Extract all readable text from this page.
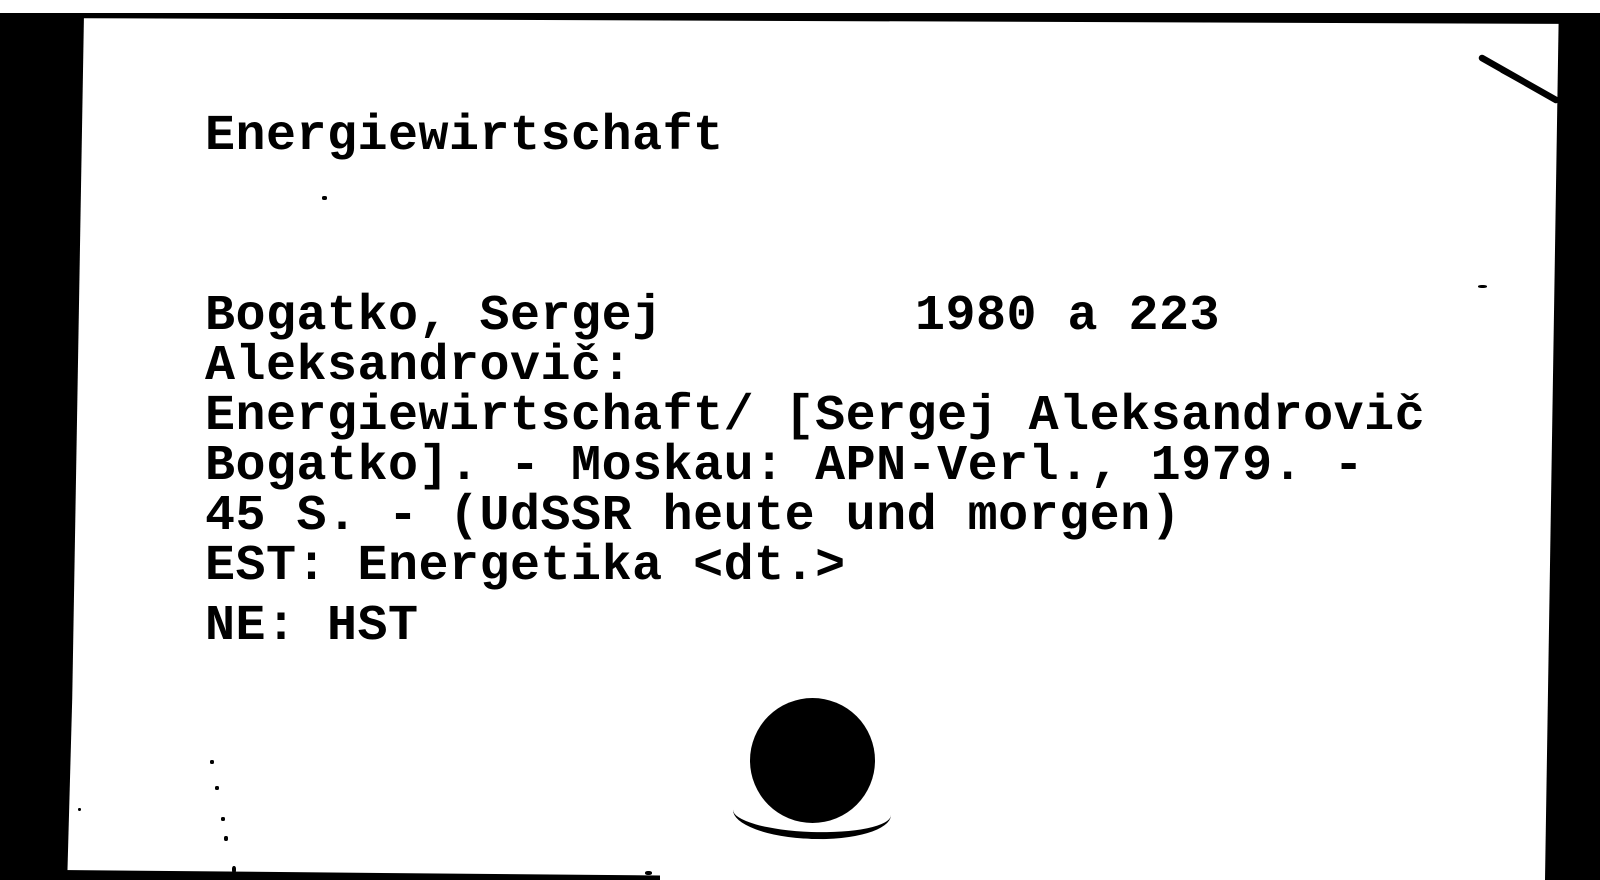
Energiewirtschaft
Bogatko, Sergej	1980 a 223
Aleksandrovič:
Energiewirtschaft/ [Sergej Aleksandrovič
Bogatko]. - Moskau: APN-Verl., 1979. -
45 S. - (UdSSR heute und morgen)
EST: Energetika <dt.>
NE: HST
